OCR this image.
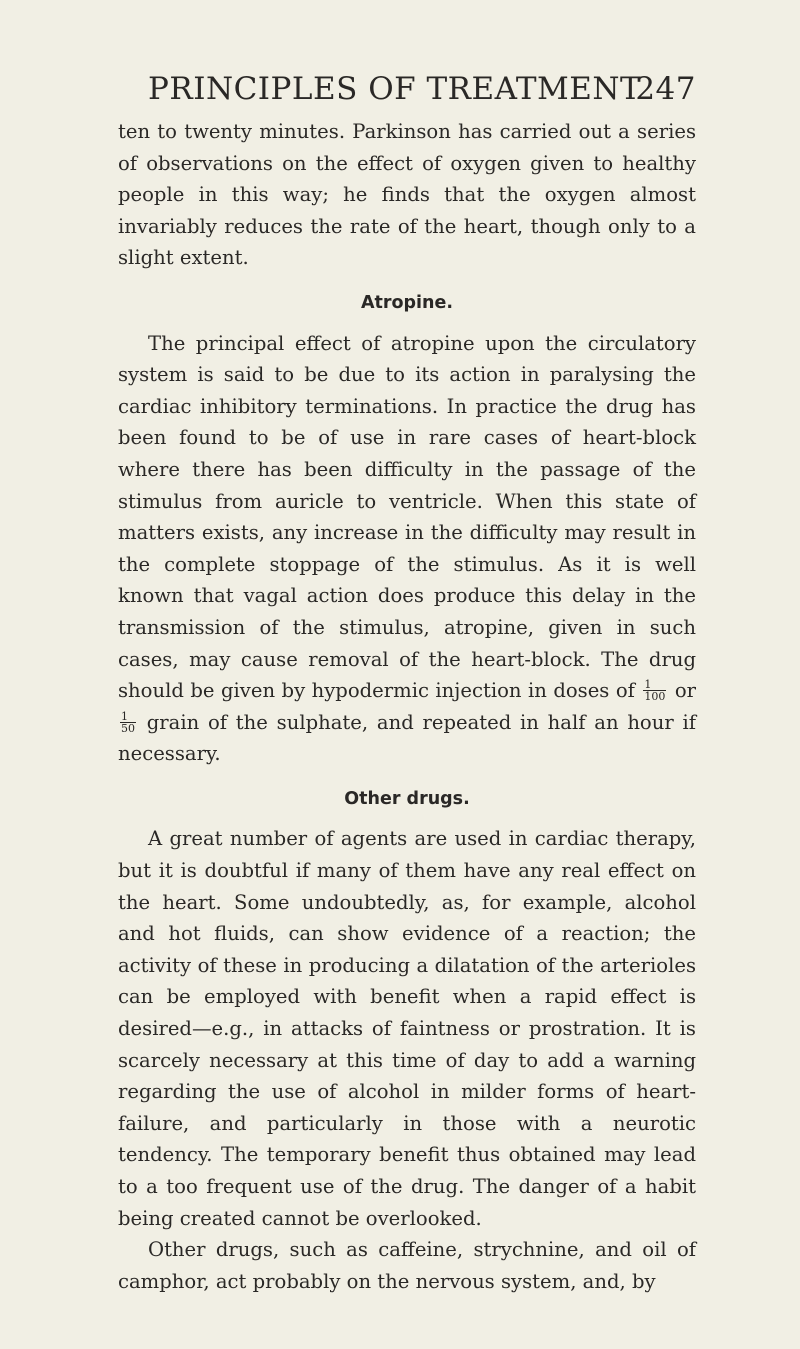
PRINCIPLES OF TREATMENT
247

ten to twenty minutes. Parkinson has carried out a series of observations on the effect of oxygen given to healthy people in this way; he finds that the oxygen almost invariably reduces the rate of the heart, though only to a slight extent.

Atropine.

The principal effect of atropine upon the circulatory system is said to be due to its action in paralysing the cardiac inhibitory terminations. In practice the drug has been found to be of use in rare cases of heart-block where there has been difficulty in the passage of the stimulus from auricle to ventricle. When this state of matters exists, any increase in the difficulty may result in the complete stoppage of the stimulus. As it is well known that vagal action does produce this delay in the transmission of the stimulus, atropine, given in such cases, may cause removal of the heart-block. The drug should be given by hypodermic injection in doses of $\frac{1}{100}$ or
$\frac{1}{50}$ grain of the sulphate, and repeated in half an hour if necessary.

Other drugs.

A great number of agents are used in cardiac therapy, but it is doubtful if many of them have any real effect on the heart. Some undoubtedly, as, for example, alcohol and hot fluids, can show evidence of a reaction; the activity of these in producing a dilatation of the arterioles can be employed with benefit when a rapid effect is desired—e.g., in attacks of faintness or prostration. It is scarcely necessary at this time of day to add a warning regarding the use of alcohol in milder forms of heart-failure, and particularly in those with a neurotic tendency. The temporary benefit thus obtained may lead to a too frequent use of the drug. The danger of a habit being created cannot be overlooked.

Other drugs, such as caffeine, strychnine, and oil of camphor, act probably on the nervous system, and, by
